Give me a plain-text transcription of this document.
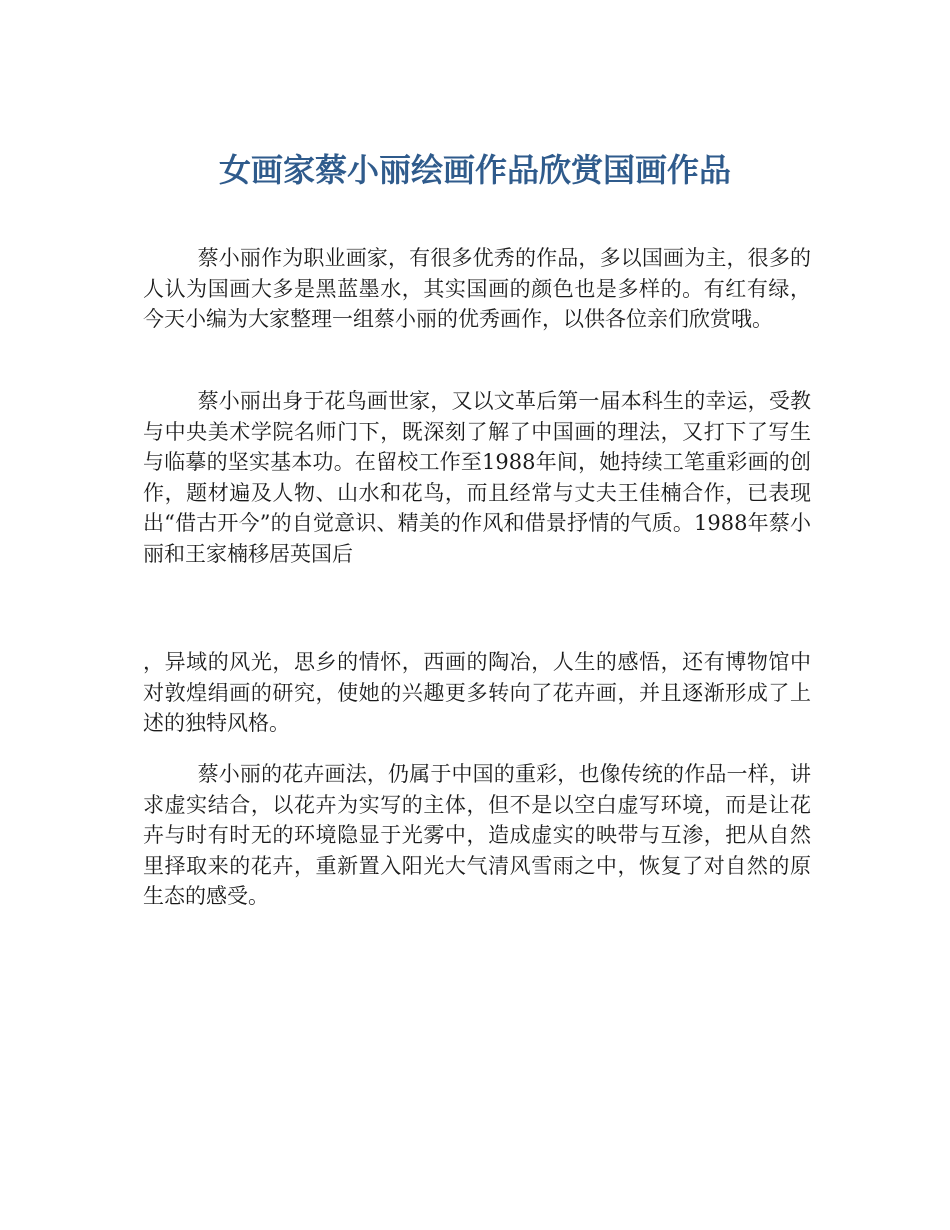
女画家蔡小丽绘画作品欣赏国画作品

蔡小丽作为职业画家，有很多优秀的作品，多以国画为主，很多的人认为国画大多是黑蓝墨水，其实国画的颜色也是多样的。有红有绿，今天小编为大家整理一组蔡小丽的优秀画作，以供各位亲们欣赏哦。

蔡小丽出身于花鸟画世家，又以文革后第一届本科生的幸运，受教与中央美术学院名师门下，既深刻了解了中国画的理法，又打下了写生与临摹的坚实基本功。在留校工作至1988年间，她持续工笔重彩画的创作，题材遍及人物、山水和花鸟，而且经常与丈夫王佳楠合作，已表现出“借古开今”的自觉意识、精美的作风和借景抒情的气质。1988年蔡小丽和王家楠移居英国后

，异域的风光，思乡的情怀，西画的陶冶，人生的感悟，还有博物馆中对敦煌绢画的研究，使她的兴趣更多转向了花卉画，并且逐渐形成了上述的独特风格。

蔡小丽的花卉画法，仍属于中国的重彩，也像传统的作品一样，讲求虚实结合，以花卉为实写的主体，但不是以空白虚写环境，而是让花卉与时有时无的环境隐显于光雾中，造成虚实的映带与互渗，把从自然里择取来的花卉，重新置入阳光大气清风雪雨之中，恢复了对自然的原生态的感受。
